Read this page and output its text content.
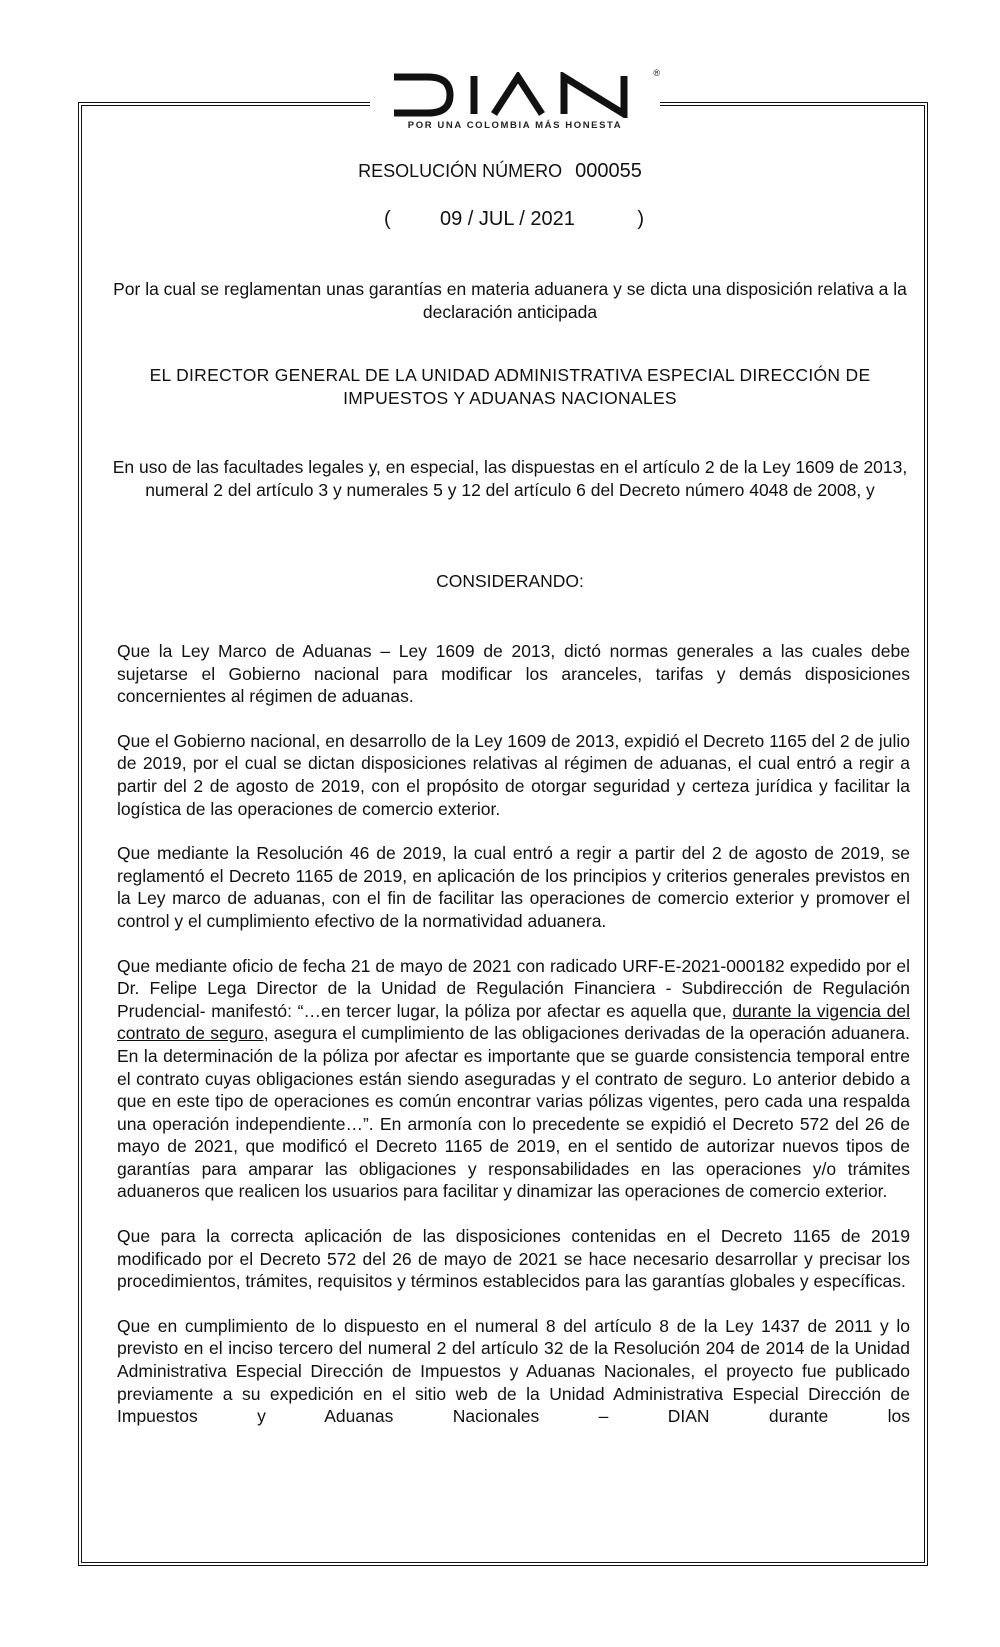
®
POR UNA COLOMBIA MÁS HONESTA
RESOLUCIÓN NÚMERO 000055
( 09 / JUL / 2021	)
Por la cual se reglamentan unas garantías en materia aduanera y se dicta una disposición relativa a la declaración anticipada
EL DIRECTOR GENERAL DE LA UNIDAD ADMINISTRATIVA ESPECIAL DIRECCIÓN DE IMPUESTOS Y ADUANAS NACIONALES
En uso de las facultades legales y, en especial, las dispuestas en el artículo 2 de la Ley 1609 de 2013, numeral 2 del artículo 3 y numerales 5 y 12 del artículo 6 del Decreto número 4048 de 2008, y
CONSIDERANDO:

Que la Ley Marco de Aduanas – Ley 1609 de 2013, dictó normas generales a las cuales debe sujetarse el Gobierno nacional para modificar los aranceles, tarifas y demás disposiciones concernientes al régimen de aduanas.

Que el Gobierno nacional, en desarrollo de la Ley 1609 de 2013, expidió el Decreto 1165 del 2 de julio de 2019, por el cual se dictan disposiciones relativas al régimen de aduanas, el cual entró a regir a partir del 2 de agosto de 2019, con el propósito de otorgar seguridad y certeza jurídica y facilitar la logística de las operaciones de comercio exterior.

Que mediante la Resolución 46 de 2019, la cual entró a regir a partir del 2 de agosto de 2019, se reglamentó el Decreto 1165 de 2019, en aplicación de los principios y criterios generales previstos en la Ley marco de aduanas, con el fin de facilitar las operaciones de comercio exterior y promover el control y el cumplimiento efectivo de la normatividad aduanera.

Que mediante oficio de fecha 21 de mayo de 2021 con radicado URF-E-2021-000182 expedido por el Dr. Felipe Lega Director de la Unidad de Regulación Financiera - Subdirección de Regulación Prudencial- manifestó: “…en tercer lugar, la póliza por afectar es aquella que, durante la vigencia del contrato de seguro, asegura el cumplimiento de las obligaciones derivadas de la operación aduanera. En la determinación de la póliza por afectar es importante que se guarde consistencia temporal entre el contrato cuyas obligaciones están siendo aseguradas y el contrato de seguro. Lo anterior debido a que en este tipo de operaciones es común encontrar varias pólizas vigentes, pero cada una respalda una operación independiente…”. En armonía con lo precedente se expidió el Decreto 572 del 26 de mayo de 2021, que modificó el Decreto 1165 de 2019, en el sentido de autorizar nuevos tipos de garantías para amparar las obligaciones y responsabilidades en las operaciones y/o trámites aduaneros que realicen los usuarios para facilitar y dinamizar las operaciones de comercio exterior.

Que para la correcta aplicación de las disposiciones contenidas en el Decreto 1165 de 2019 modificado por el Decreto 572 del 26 de mayo de 2021 se hace necesario desarrollar y precisar los procedimientos, trámites, requisitos y términos establecidos para las garantías globales y específicas.

Que en cumplimiento de lo dispuesto en el numeral 8 del artículo 8 de la Ley 1437 de 2011 y lo previsto en el inciso tercero del numeral 2 del artículo 32 de la Resolución 204 de 2014 de la Unidad Administrativa Especial Dirección de Impuestos y Aduanas Nacionales, el proyecto fue publicado previamente a su expedición en el sitio web de la Unidad Administrativa Especial Dirección de Impuestos y Aduanas Nacionales – DIAN durante los
